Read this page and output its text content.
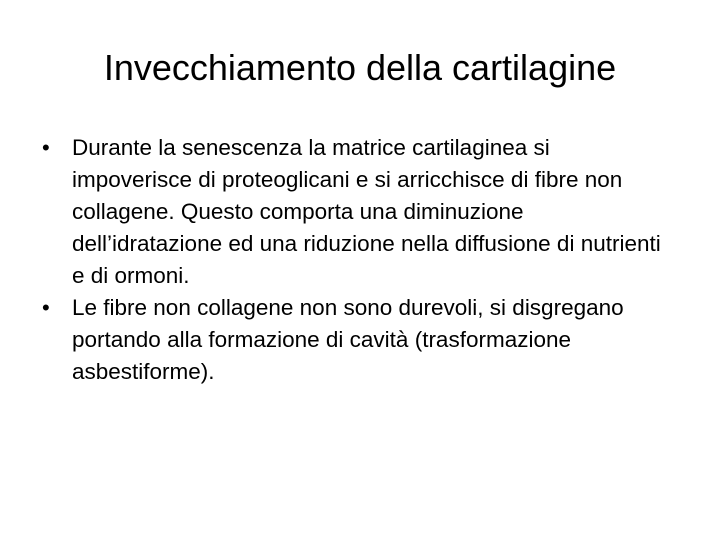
Invecchiamento della cartilagine
• Durante la senescenza la matrice cartilaginea si impoverisce di proteoglicani e si arricchisce di fibre non collagene. Questo comporta una diminuzione dell’idratazione ed una riduzione nella diffusione di nutrienti e di ormoni.
• Le fibre non collagene non sono durevoli, si disgregano portando alla formazione di cavità (trasformazione asbestiforme).
